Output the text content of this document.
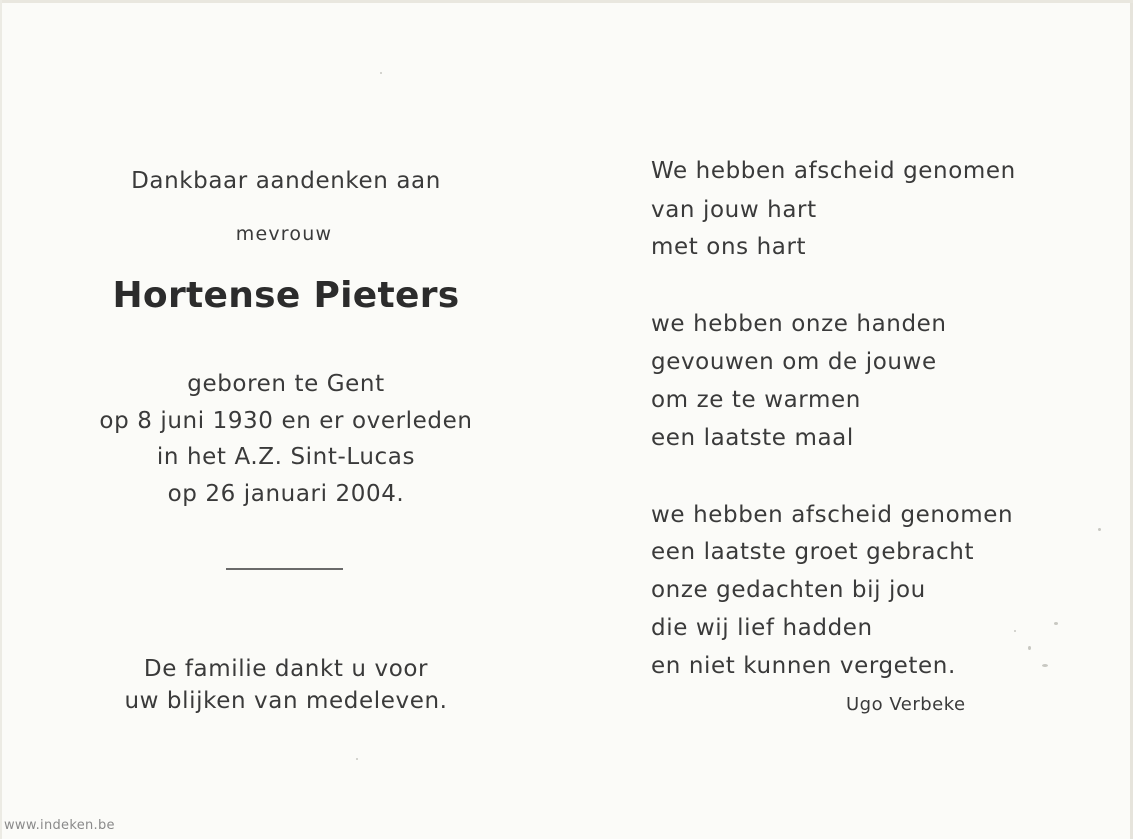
Dankbaar aandenken aan
mevrouw
Hortense Pieters
geboren te Gent
op 8 juni 1930 en er overleden
in het A.Z. Sint-Lucas
op 26 januari 2004.
De familie dankt u voor
uw blijken van medeleven.
We hebben afscheid genomen
van jouw hart
met ons hart
we hebben onze handen
gevouwen om de jouwe
om ze te warmen
een laatste maal
we hebben afscheid genomen
een laatste groet gebracht
onze gedachten bij jou
die wij lief hadden
en niet kunnen vergeten.
Ugo Verbeke
www.indeken.be
